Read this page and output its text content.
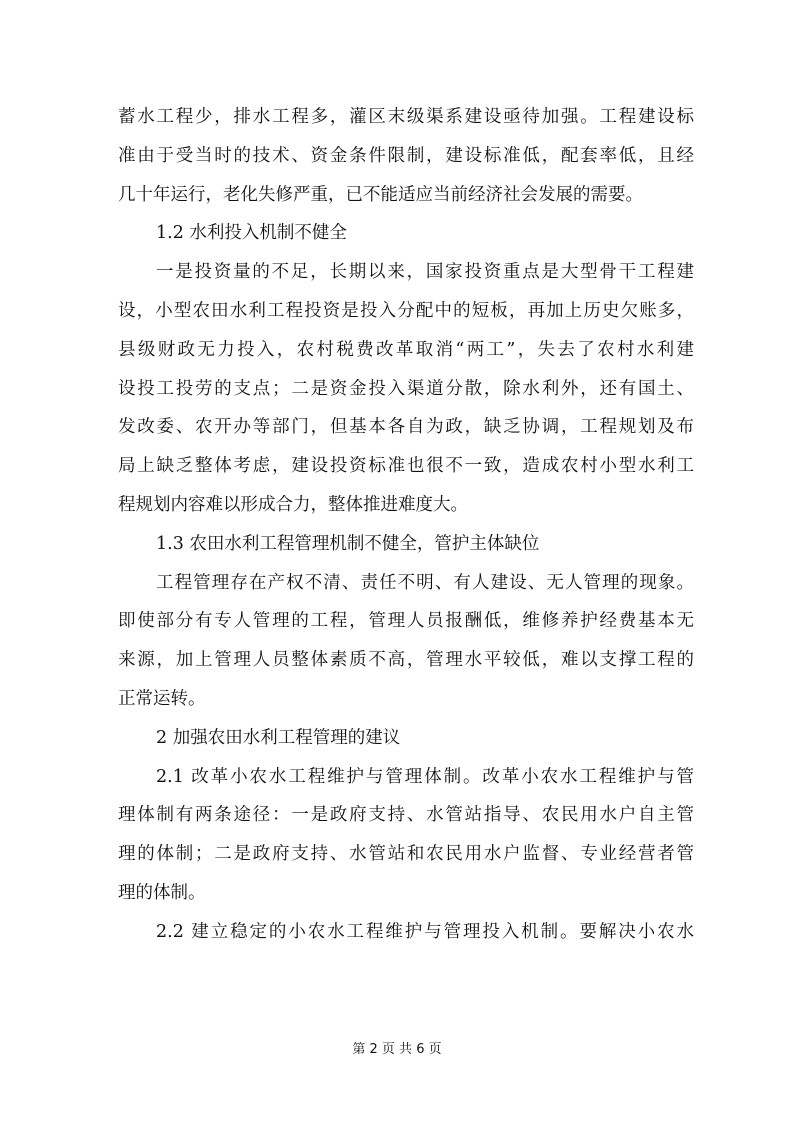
蓄水工程少，排水工程多，灌区末级渠系建设亟待加强。工程建设标
准由于受当时的技术、资金条件限制，建设标准低，配套率低，且经
几十年运行，老化失修严重，已不能适应当前经济社会发展的需要。
1.2 水利投入机制不健全
一是投资量的不足，长期以来，国家投资重点是大型骨干工程建
设，小型农田水利工程投资是投入分配中的短板，再加上历史欠账多，
县级财政无力投入，农村税费改革取消“两工”，失去了农村水利建
设投工投劳的支点；二是资金投入渠道分散，除水利外，还有国土、
发改委、农开办等部门，但基本各自为政，缺乏协调，工程规划及布
局上缺乏整体考虑，建设投资标准也很不一致，造成农村小型水利工
程规划内容难以形成合力，整体推进难度大。
1.3 农田水利工程管理机制不健全，管护主体缺位
工程管理存在产权不清、责任不明、有人建设、无人管理的现象。
即使部分有专人管理的工程，管理人员报酬低，维修养护经费基本无
来源，加上管理人员整体素质不高，管理水平较低，难以支撑工程的
正常运转。
2 加强农田水利工程管理的建议
2.1 改革小农水工程维护与管理体制。改革小农水工程维护与管
理体制有两条途径：一是政府支持、水管站指导、农民用水户自主管
理的体制；二是政府支持、水管站和农民用水户监督、专业经营者管
理的体制。
2.2 建立稳定的小农水工程维护与管理投入机制。要解决小农水
第 2 页 共 6 页
